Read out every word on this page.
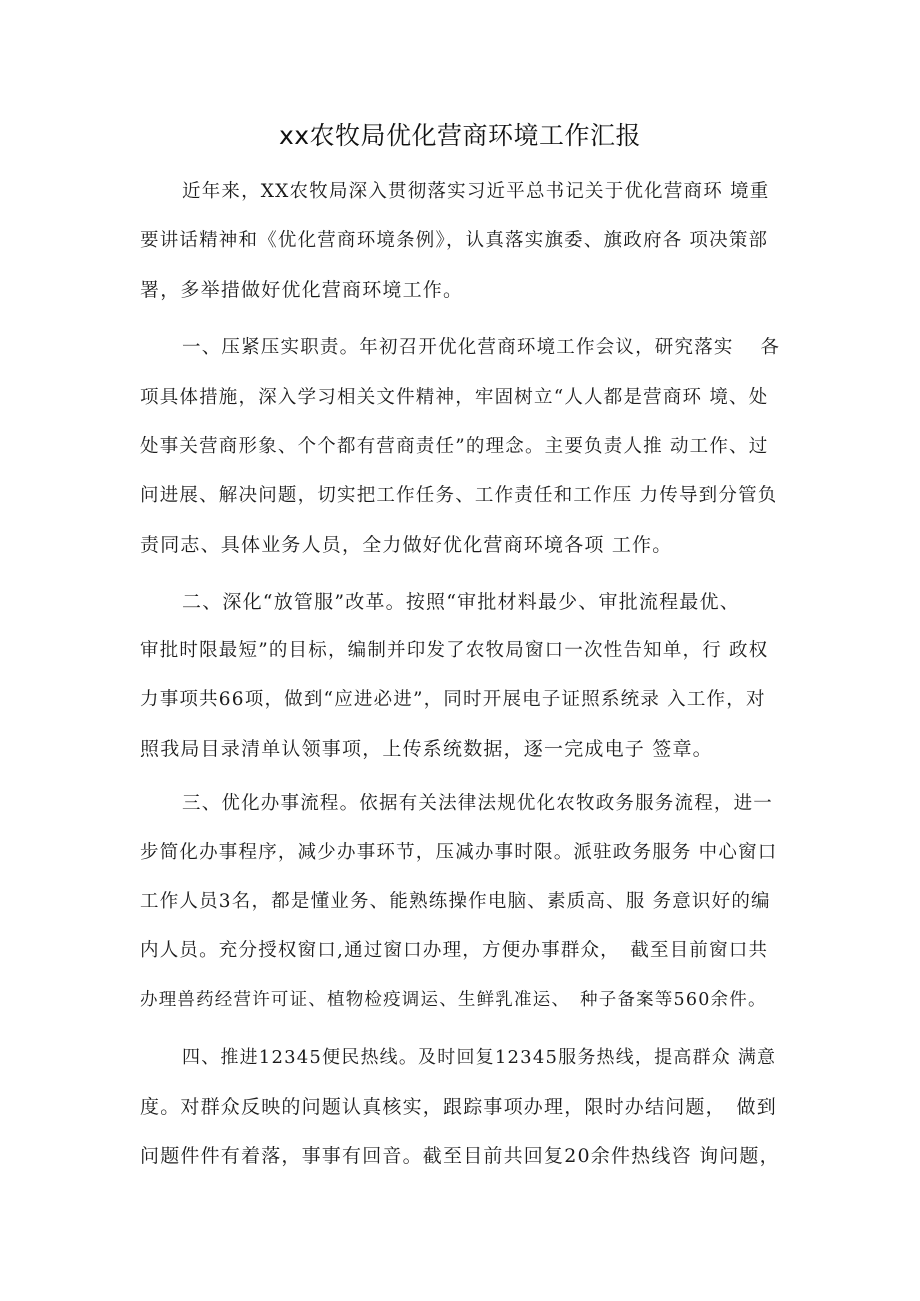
xx农牧局优化营商环境工作汇报
近年来，XX农牧局深入贯彻落实习近平总书记关于优化营商环 境重
要讲话精神和《优化营商环境条例》，认真落实旗委、旗政府各 项决策部
署，多举措做好优化营商环境工作。
一、压紧压实职责。年初召开优化营商环境工作会议，研究落实　 各
项具体措施，深入学习相关文件精神，牢固树立“人人都是营商环 境、处
处事关营商形象、个个都有营商责任”的理念。主要负责人推 动工作、过
问进展、解决问题，切实把工作任务、工作责任和工作压 力传导到分管负
责同志、具体业务人员，全力做好优化营商环境各项 工作。
二、深化“放管服”改革。按照“审批材料最少、审批流程最优、
审批时限最短”的目标，编制并印发了农牧局窗口一次性告知单，行 政权
力事项共66项，做到“应进必进”，同时开展电子证照系统录 入工作，对
照我局目录清单认领事项，上传系统数据，逐一完成电子 签章。
三、优化办事流程。依据有关法律法规优化农牧政务服务流程，进一
步简化办事程序，减少办事环节，压减办事时限。派驻政务服务 中心窗口
工作人员3名，都是懂业务、能熟练操作电脑、素质高、服 务意识好的编
内人员。充分授权窗口,通过窗口办理，方便办事群众，　截至目前窗口共
办理兽药经营许可证、植物检疫调运、生鲜乳准运、　种子备案等560余件。
四、推进12345便民热线。及时回复12345服务热线，提高群众 满意
度。对群众反映的问题认真核实，跟踪事项办理，限时办结问题，　做到
问题件件有着落，事事有回音。截至目前共回复20余件热线咨 询问题，
